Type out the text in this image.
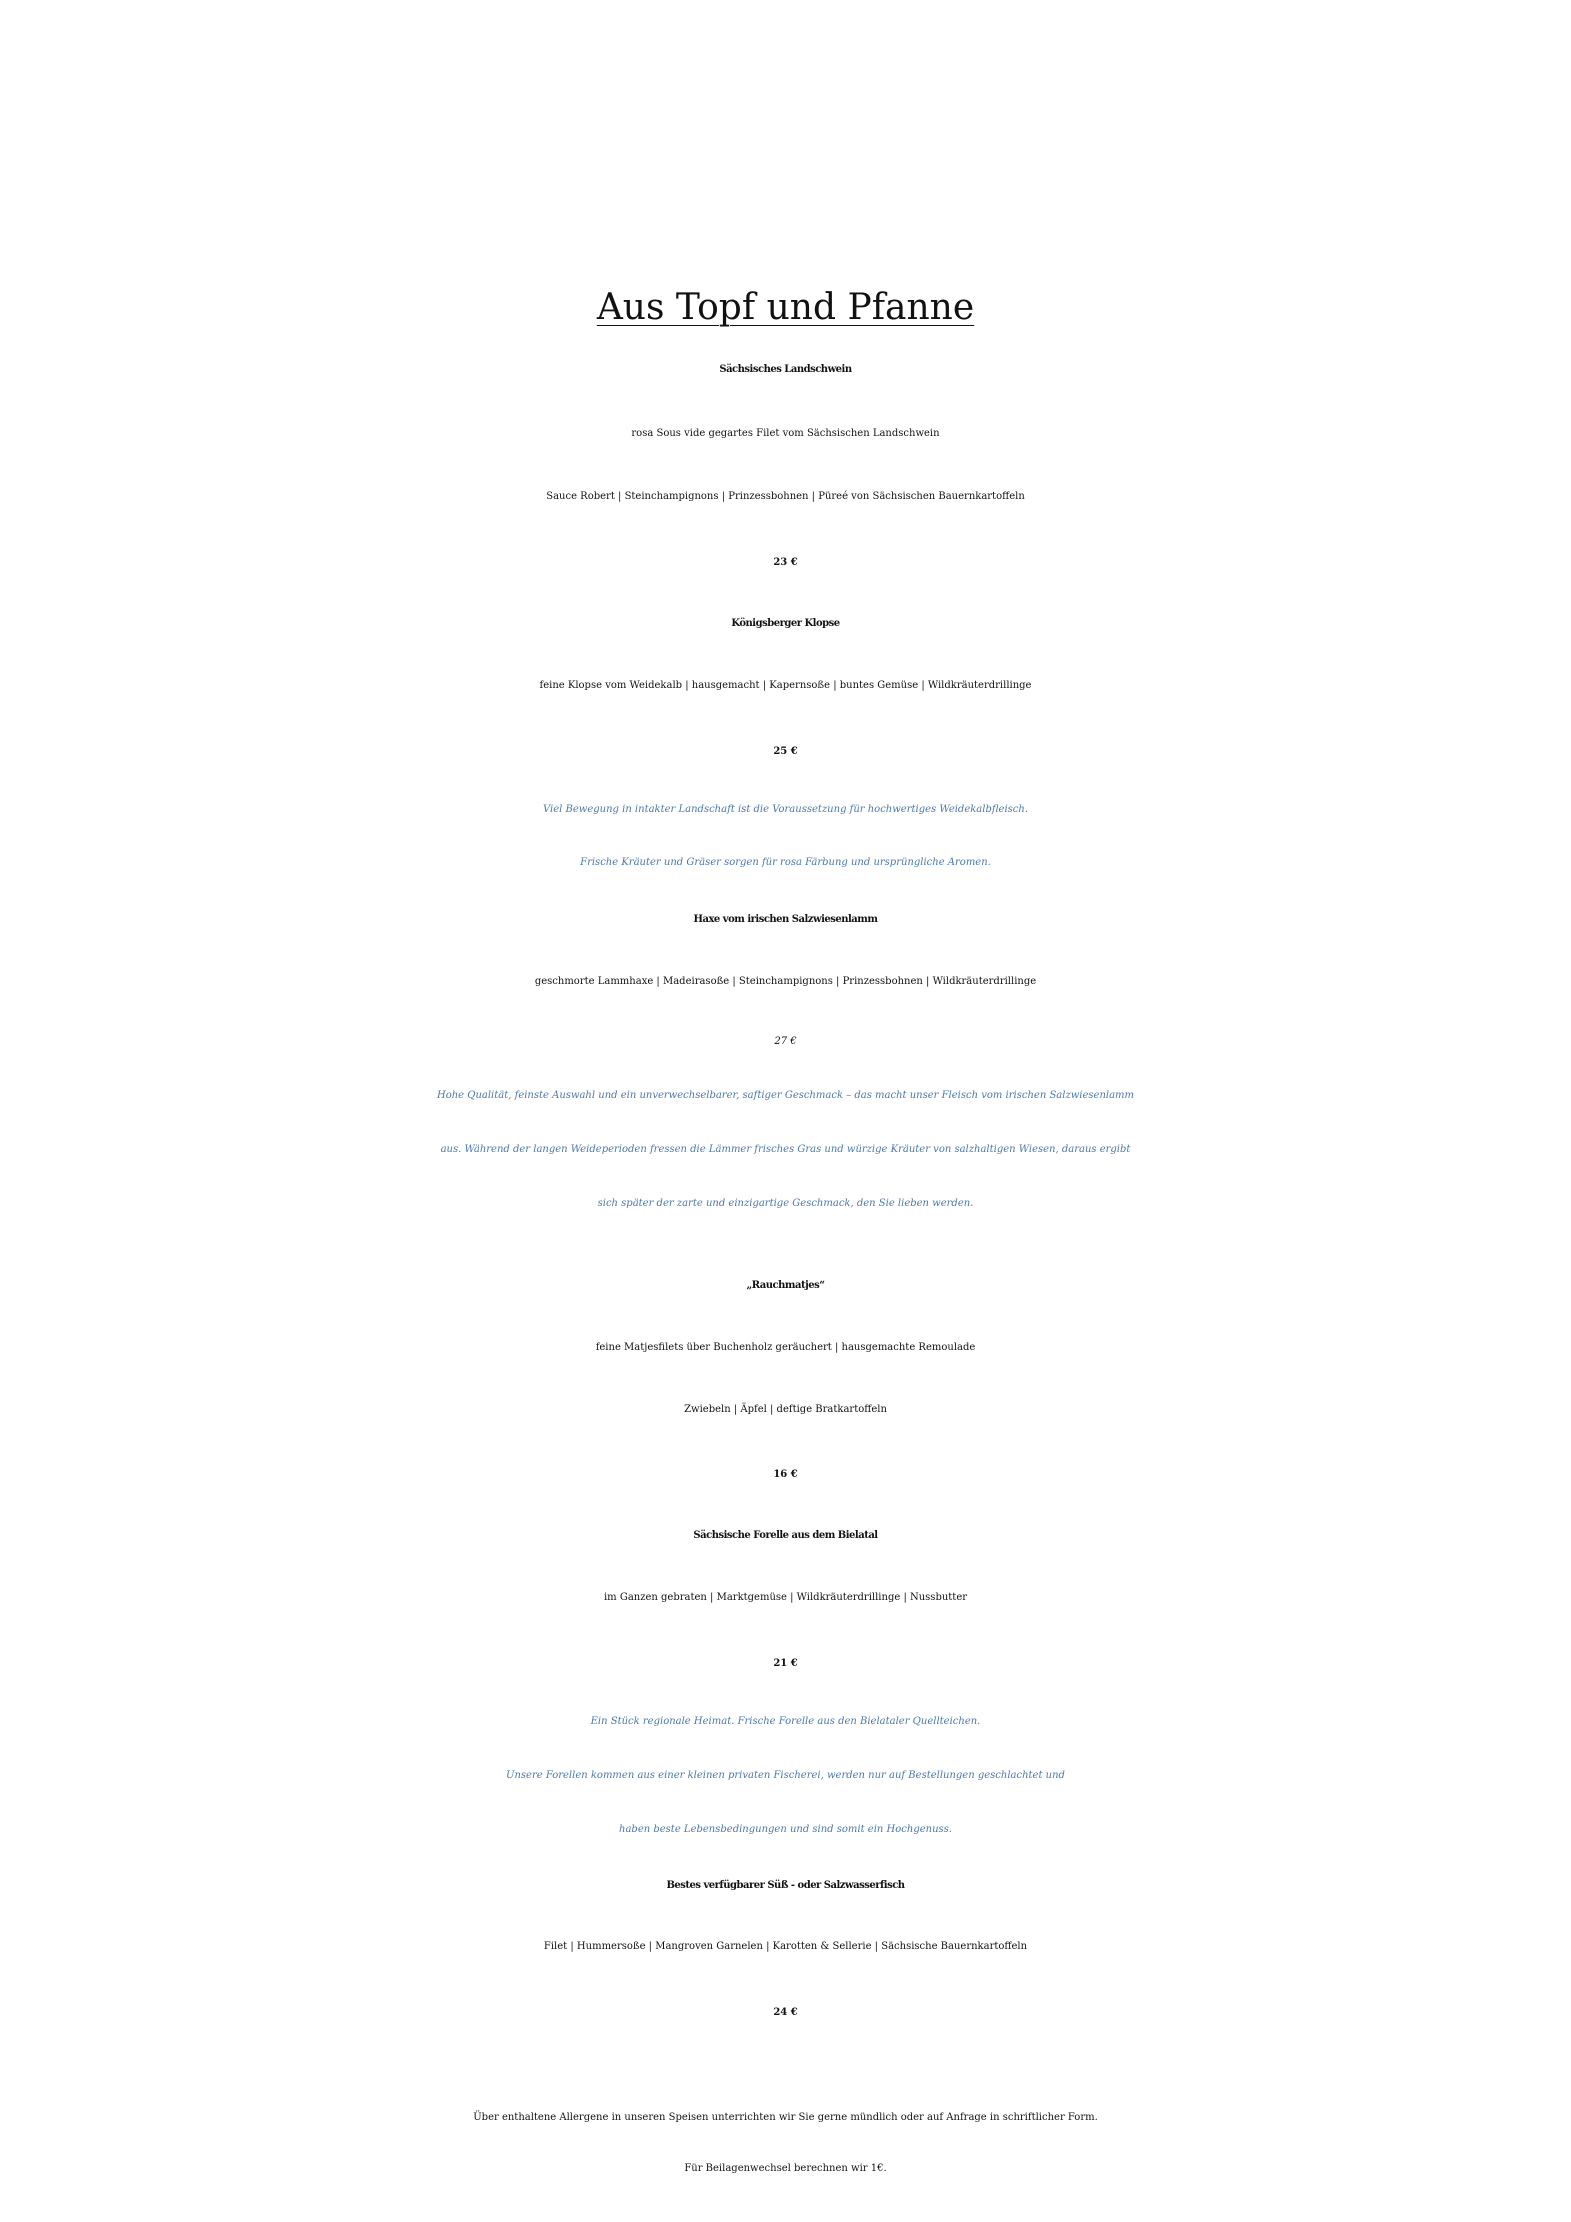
Aus Topf und Pfanne
Sächsisches Landschwein
rosa Sous vide gegartes Filet vom Sächsischen Landschwein
Sauce Robert | Steinchampignons | Prinzessbohnen | Püreé von Sächsischen Bauernkartoffeln
23 €
Königsberger Klopse
feine Klopse vom Weidekalb | hausgemacht | Kapernsoße | buntes Gemüse | Wildkräuterdrillinge
25 €
Viel Bewegung in intakter Landschaft ist die Voraussetzung für hochwertiges Weidekalbfleisch.
Frische Kräuter und Gräser sorgen für rosa Färbung und ursprüngliche Aromen.
Haxe vom irischen Salzwiesenlamm
geschmorte Lammhaxe | Madeirasoße | Steinchampignons | Prinzessbohnen | Wildkräuterdrillinge
27 €
Hohe Qualität, feinste Auswahl und ein unverwechselbarer, saftiger Geschmack – das macht unser Fleisch vom irischen Salzwiesenlamm
aus. Während der langen Weideperioden fressen die Lämmer frisches Gras und würzige Kräuter von salzhaltigen Wiesen, daraus ergibt
sich später der zarte und einzigartige Geschmack, den Sie lieben werden.
„Rauchmatjes“
feine Matjesfilets über Buchenholz geräuchert | hausgemachte Remoulade
Zwiebeln | Äpfel | deftige Bratkartoffeln
16 €
Sächsische Forelle aus dem Bielatal
im Ganzen gebraten | Marktgemüse | Wildkräuterdrillinge | Nussbutter
21 €
Ein Stück regionale Heimat. Frische Forelle aus den Bielataler Quellteichen.
Unsere Forellen kommen aus einer kleinen privaten Fischerei, werden nur auf Bestellungen geschlachtet und
haben beste Lebensbedingungen und sind somit ein Hochgenuss.
Bestes verfügbarer Süß - oder Salzwasserfisch
Filet | Hummersoße | Mangroven Garnelen | Karotten & Sellerie | Sächsische Bauernkartoffeln
24 €
Über enthaltene Allergene in unseren Speisen unterrichten wir Sie gerne mündlich oder auf Anfrage in schriftlicher Form.
Für Beilagenwechsel berechnen wir 1€.
